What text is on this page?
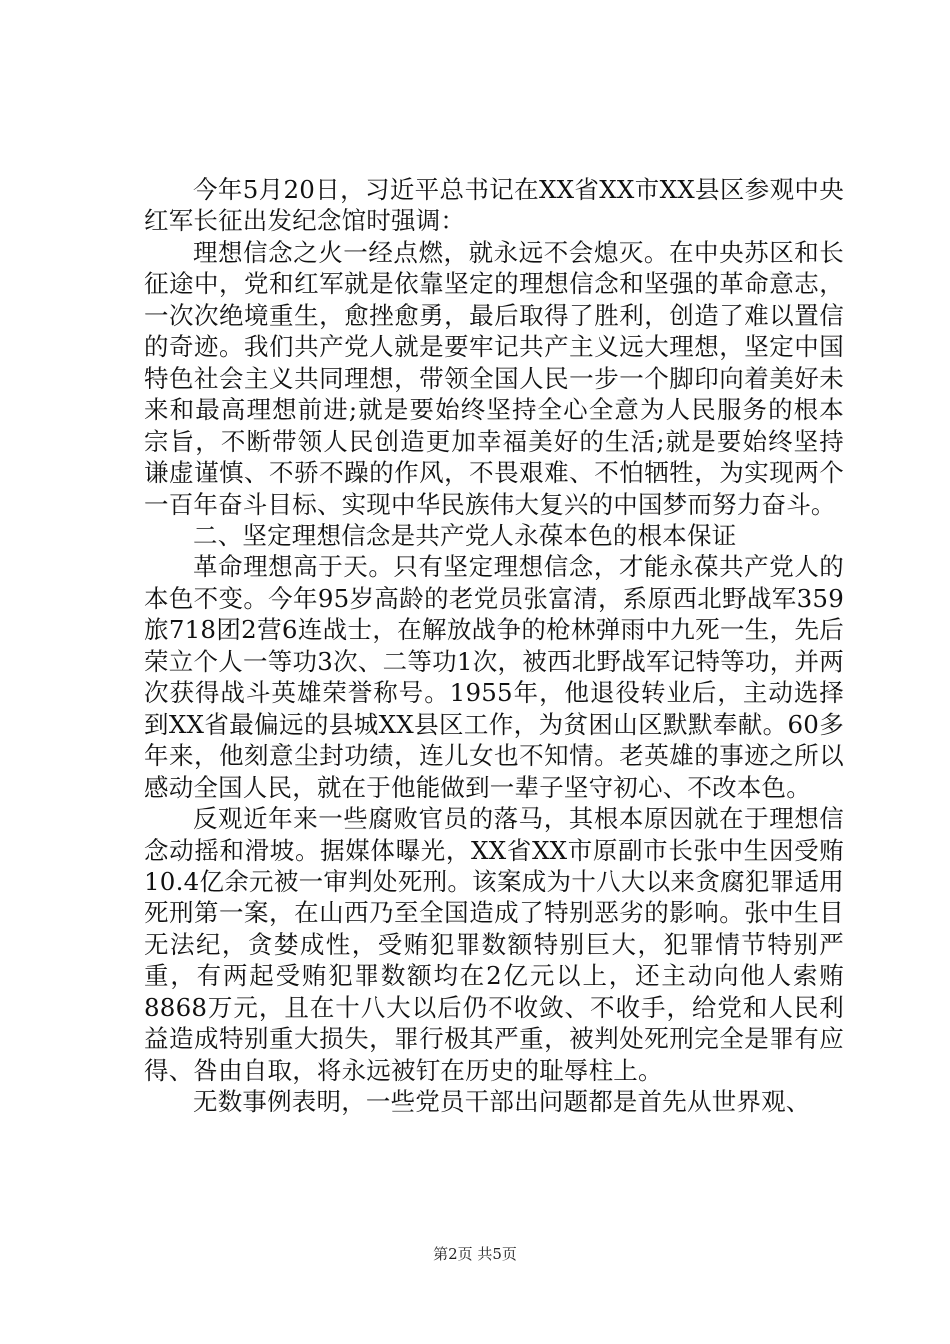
今年5月20日，习近平总书记在XX省XX市XX县区参观中央红军长征出发纪念馆时强调：

理想信念之火一经点燃，就永远不会熄灭。在中央苏区和长征途中，党和红军就是依靠坚定的理想信念和坚强的革命意志，一次次绝境重生，愈挫愈勇，最后取得了胜利，创造了难以置信的奇迹。我们共产党人就是要牢记共产主义远大理想，坚定中国特色社会主义共同理想，带领全国人民一步一个脚印向着美好未来和最高理想前进;就是要始终坚持全心全意为人民服务的根本宗旨，不断带领人民创造更加幸福美好的生活;就是要始终坚持谦虚谨慎、不骄不躁的作风，不畏艰难、不怕牺牲，为实现两个一百年奋斗目标、实现中华民族伟大复兴的中国梦而努力奋斗。

二、坚定理想信念是共产党人永葆本色的根本保证

革命理想高于天。只有坚定理想信念，才能永葆共产党人的本色不变。今年95岁高龄的老党员张富清，系原西北野战军359旅718团2营6连战士，在解放战争的枪林弹雨中九死一生，先后荣立个人一等功3次、二等功1次，被西北野战军记特等功，并两次获得战斗英雄荣誉称号。1955年，他退役转业后，主动选择到XX省最偏远的县城XX县区工作，为贫困山区默默奉献。60多年来，他刻意尘封功绩，连儿女也不知情。老英雄的事迹之所以感动全国人民，就在于他能做到一辈子坚守初心、不改本色。

反观近年来一些腐败官员的落马，其根本原因就在于理想信念动摇和滑坡。据媒体曝光，XX省XX市原副市长张中生因受贿10.4亿余元被一审判处死刑。该案成为十八大以来贪腐犯罪适用死刑第一案，在山西乃至全国造成了特别恶劣的影响。张中生目无法纪，贪婪成性，受贿犯罪数额特别巨大，犯罪情节特别严重，有两起受贿犯罪数额均在2亿元以上，还主动向他人索贿8868万元，且在十八大以后仍不收敛、不收手，给党和人民利益造成特别重大损失，罪行极其严重，被判处死刑完全是罪有应得、咎由自取，将永远被钉在历史的耻辱柱上。

无数事例表明，一些党员干部出问题都是首先从世界观、

第2页 共5页
